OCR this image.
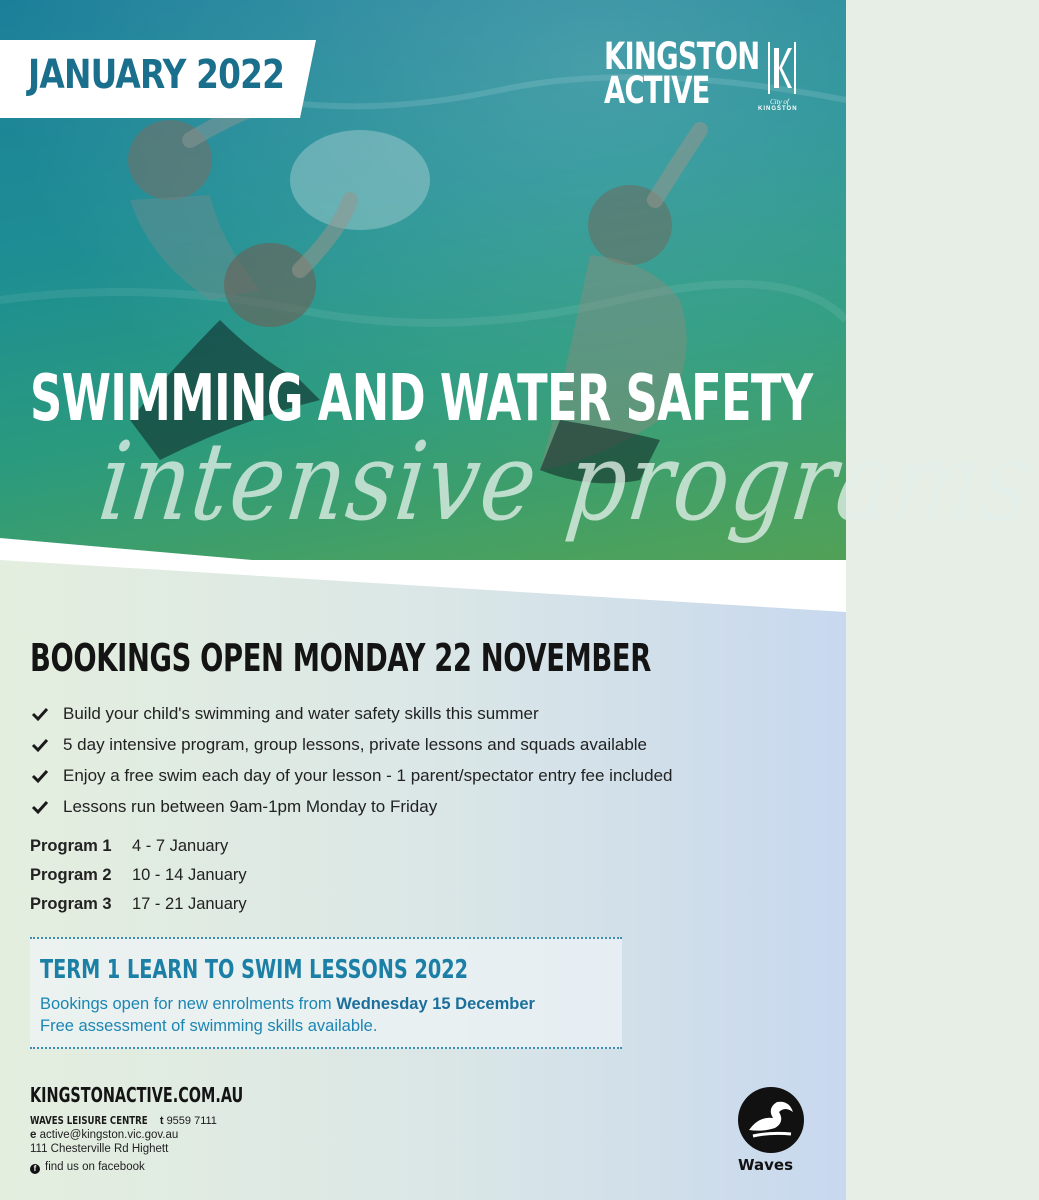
JANUARY 2022	KINGSTON
ACTIVE	City of
KINGSTON
SWIMMING AND WATER SAFETY
intensive programs
BOOKINGS OPEN MONDAY 22 NOVEMBER
Build your child's swimming and water safety skills this summer
5 day intensive program, group lessons, private lessons and squads available
Enjoy a free swim each day of your lesson - 1 parent/spectator entry fee included
Lessons run between 9am-1pm Monday to Friday
Program 1	4 - 7 January
Program 2	10 - 14 January
Program 3	17 - 21 January
TERM 1 LEARN TO SWIM LESSONS 2022
Bookings open for new enrolments from Wednesday 15 December
Free assessment of swimming skills available.
KINGSTONACTIVE.COM.AU
WAVES LEISURE CENTRE t 9559 7111
e active@kingston.vic.gov.au
111 Chesterville Rd Highett
f find us on facebook	Waves
